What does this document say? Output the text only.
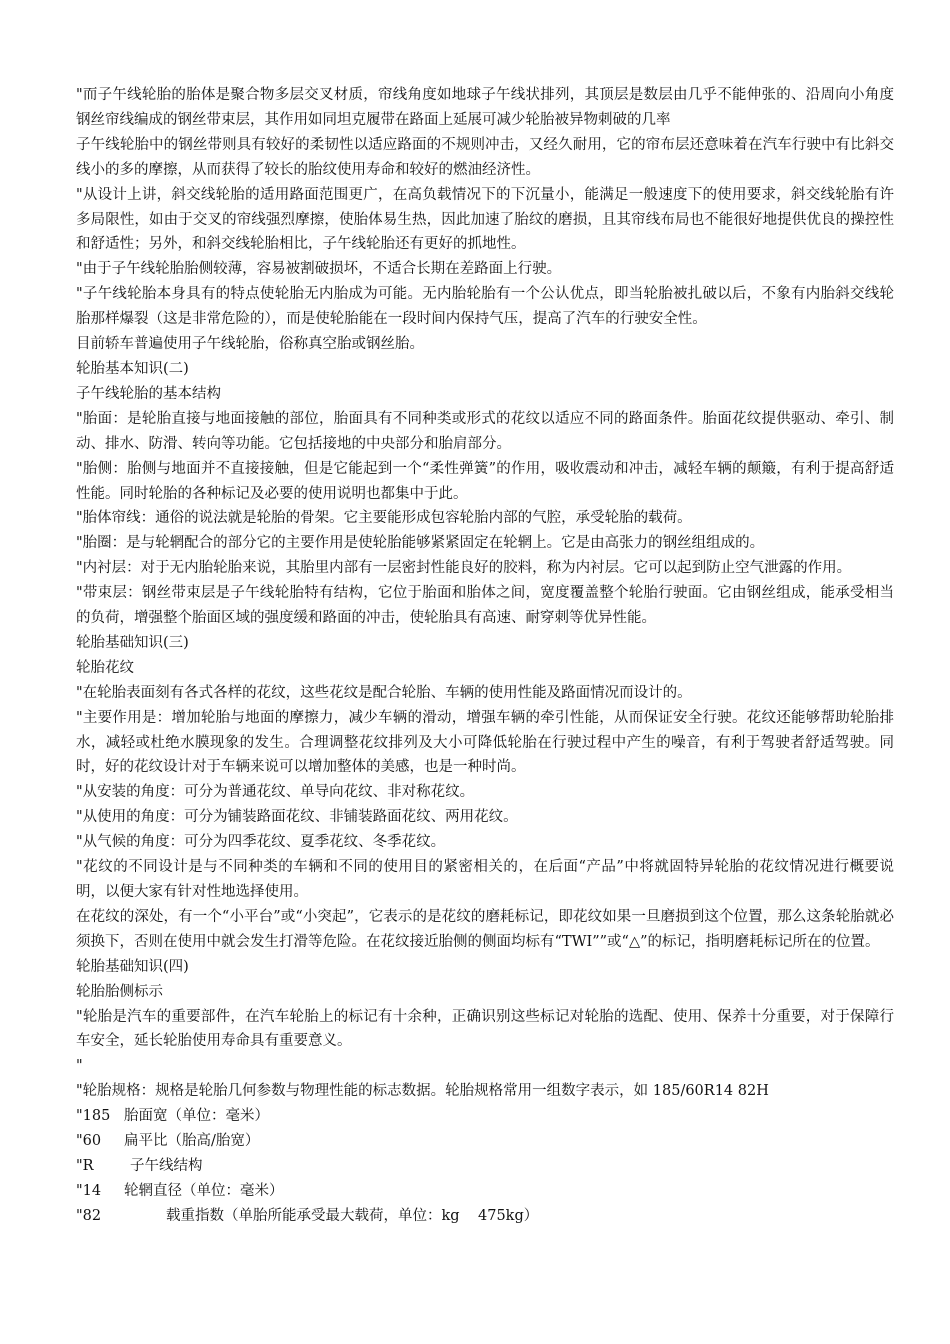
"而子午线轮胎的胎体是聚合物多层交叉材质，帘线角度如地球子午线状排列，其顶层是数层由几乎不能伸张的、沿周向小角度钢丝帘线编成的钢丝带束层，其作用如同坦克履带在路面上延展可减少轮胎被异物刺破的几率

子午线轮胎中的钢丝带则具有较好的柔韧性以适应路面的不规则冲击，又经久耐用，它的帘布层还意味着在汽车行驶中有比斜交线小的多的摩擦，从而获得了较长的胎纹使用寿命和较好的燃油经济性。

"从设计上讲，斜交线轮胎的适用路面范围更广，在高负载情况下的下沉量小，能满足一般速度下的使用要求，斜交线轮胎有许多局限性，如由于交叉的帘线强烈摩擦，使胎体易生热，因此加速了胎纹的磨损，且其帘线布局也不能很好地提供优良的操控性和舒适性；另外，和斜交线轮胎相比，子午线轮胎还有更好的抓地性。

"由于子午线轮胎胎侧较薄，容易被割破损坏，不适合长期在差路面上行驶。

"子午线轮胎本身具有的特点使轮胎无内胎成为可能。无内胎轮胎有一个公认优点，即当轮胎被扎破以后，不象有内胎斜交线轮胎那样爆裂（这是非常危险的），而是使轮胎能在一段时间内保持气压，提高了汽车的行驶安全性。

目前轿车普遍使用子午线轮胎，俗称真空胎或钢丝胎。

轮胎基本知识(二)

子午线轮胎的基本结构

"胎面：是轮胎直接与地面接触的部位，胎面具有不同种类或形式的花纹以适应不同的路面条件。胎面花纹提供驱动、牵引、制动、排水、防滑、转向等功能。它包括接地的中央部分和胎肩部分。

"胎侧：胎侧与地面并不直接接触，但是它能起到一个“柔性弹簧”的作用，吸收震动和冲击，减轻车辆的颠簸，有利于提高舒适性能。同时轮胎的各种标记及必要的使用说明也都集中于此。

"胎体帘线：通俗的说法就是轮胎的骨架。它主要能形成包容轮胎内部的气腔，承受轮胎的载荷。

"胎圈：是与轮辋配合的部分它的主要作用是使轮胎能够紧紧固定在轮辋上。它是由高张力的钢丝组组成的。

"内衬层：对于无内胎轮胎来说，其胎里内部有一层密封性能良好的胶料，称为内衬层。它可以起到防止空气泄露的作用。

"带束层：钢丝带束层是子午线轮胎特有结构，它位于胎面和胎体之间，宽度覆盖整个轮胎行驶面。它由钢丝组成，能承受相当的负荷，增强整个胎面区域的强度缓和路面的冲击，使轮胎具有高速、耐穿刺等优异性能。

轮胎基础知识(三)

轮胎花纹

"在轮胎表面刻有各式各样的花纹，这些花纹是配合轮胎、车辆的使用性能及路面情况而设计的。

"主要作用是：增加轮胎与地面的摩擦力，减少车辆的滑动，增强车辆的牵引性能，从而保证安全行驶。花纹还能够帮助轮胎排水，减轻或杜绝水膜现象的发生。合理调整花纹排列及大小可降低轮胎在行驶过程中产生的噪音，有利于驾驶者舒适驾驶。同时，好的花纹设计对于车辆来说可以增加整体的美感，也是一种时尚。

"从安装的角度：可分为普通花纹、单导向花纹、非对称花纹。

"从使用的角度：可分为铺装路面花纹、非铺装路面花纹、两用花纹。

"从气候的角度：可分为四季花纹、夏季花纹、冬季花纹。

"花纹的不同设计是与不同种类的车辆和不同的使用目的紧密相关的，在后面“产品”中将就固特异轮胎的花纹情况进行概要说明，以便大家有针对性地选择使用。

在花纹的深处，有一个“小平台”或“小突起”，它表示的是花纹的磨耗标记，即花纹如果一旦磨损到这个位置，那么这条轮胎就必须换下，否则在使用中就会发生打滑等危险。在花纹接近胎侧的侧面均标有“TWI””或“△”的标记，指明磨耗标记所在的位置。

轮胎基础知识(四)

轮胎胎侧标示

"轮胎是汽车的重要部件，在汽车轮胎上的标记有十余种，正确识别这些标记对轮胎的选配、使用、保养十分重要，对于保障行车安全，延长轮胎使用寿命具有重要意义。

"

"轮胎规格：规格是轮胎几何参数与物理性能的标志数据。轮胎规格常用一组数字表示，如 185/60R14 82H

"185 胎面宽（单位：毫米）
"60	扁平比（胎高/胎宽）
"R	子午线结构
"14	轮辋直径（单位：毫米）
"82	载重指数（单胎所能承受最大载荷，单位：kg    475kg）
